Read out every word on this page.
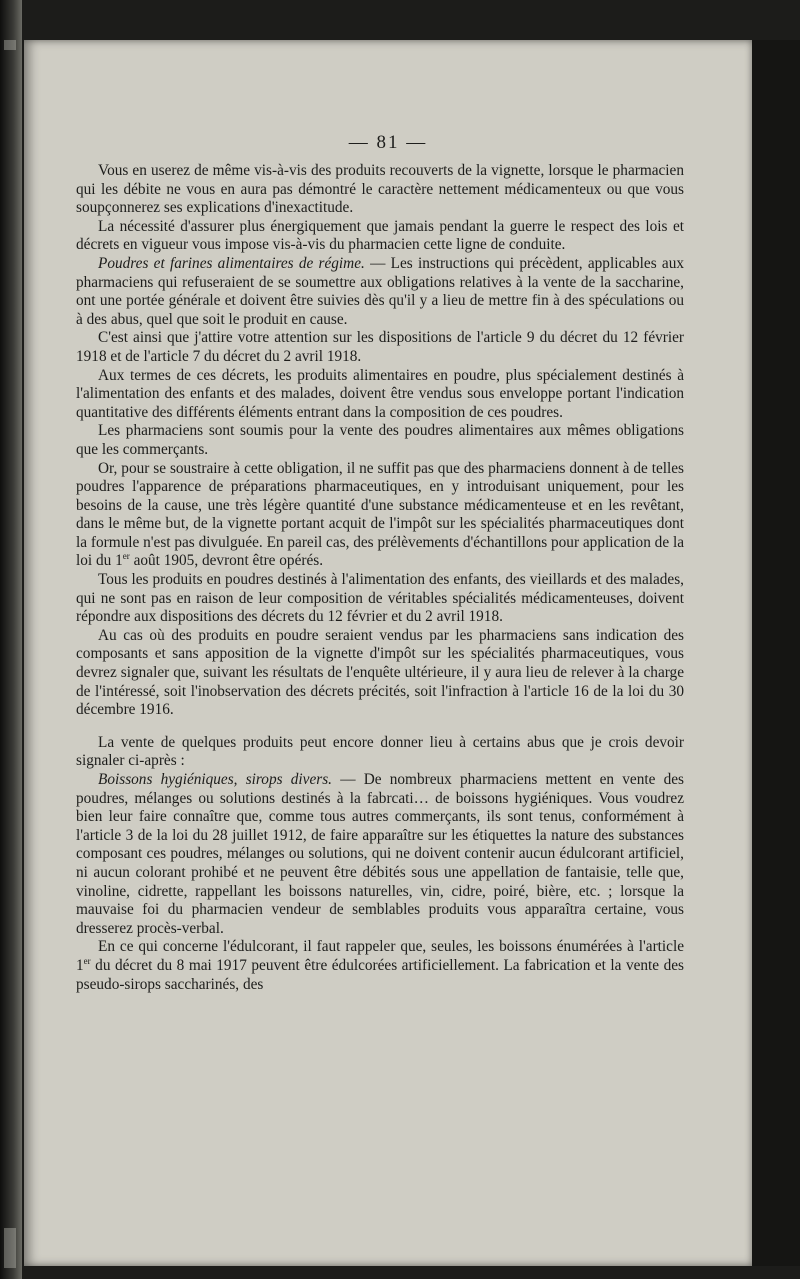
— 81 —

Vous en userez de même vis-à-vis des produits recouverts de la vignette, lorsque le pharmacien qui les débite ne vous en aura pas démontré le caractère nettement médicamenteux ou que vous soupçonnerez ses explications d'inexactitude.

La nécessité d'assurer plus énergiquement que jamais pendant la guerre le respect des lois et décrets en vigueur vous impose vis-à-vis du pharmacien cette ligne de conduite.

Poudres et farines alimentaires de régime. — Les instructions qui précèdent, applicables aux pharmaciens qui refuseraient de se soumettre aux obligations relatives à la vente de la saccharine, ont une portée générale et doivent être suivies dès qu'il y a lieu de mettre fin à des spéculations ou à des abus, quel que soit le produit en cause.

C'est ainsi que j'attire votre attention sur les dispositions de l'article 9 du décret du 12 février 1918 et de l'article 7 du décret du 2 avril 1918.

Aux termes de ces décrets, les produits alimentaires en poudre, plus spécialement destinés à l'alimentation des enfants et des malades, doivent être vendus sous enveloppe portant l'indication quantitative des différents éléments entrant dans la composition de ces poudres.

Les pharmaciens sont soumis pour la vente des poudres alimentaires aux mêmes obligations que les commerçants.

Or, pour se soustraire à cette obligation, il ne suffit pas que des pharmaciens donnent à de telles poudres l'apparence de préparations pharmaceutiques, en y introduisant uniquement, pour les besoins de la cause, une très légère quantité d'une substance médicamenteuse et en les revêtant, dans le même but, de la vignette portant acquit de l'impôt sur les spécialités pharmaceutiques dont la formule n'est pas divulguée. En pareil cas, des prélèvements d'échantillons pour application de la loi du 1er août 1905, devront être opérés.

Tous les produits en poudres destinés à l'alimentation des enfants, des vieillards et des malades, qui ne sont pas en raison de leur composition de véritables spécialités médicamenteuses, doivent répondre aux dispositions des décrets du 12 février et du 2 avril 1918.

Au cas où des produits en poudre seraient vendus par les pharmaciens sans indication des composants et sans apposition de la vignette d'impôt sur les spécialités pharmaceutiques, vous devrez signaler que, suivant les résultats de l'enquête ultérieure, il y aura lieu de relever à la charge de l'intéressé, soit l'inobservation des décrets précités, soit l'infraction à l'article 16 de la loi du 30 décembre 1916.

La vente de quelques produits peut encore donner lieu à certains abus que je crois devoir signaler ci-après :

Boissons hygiéniques, sirops divers. — De nombreux pharmaciens mettent en vente des poudres, mélanges ou solutions destinés à la fabrcati… de boissons hygiéniques. Vous voudrez bien leur faire connaître que, comme tous autres commerçants, ils sont tenus, conformément à l'article 3 de la loi du 28 juillet 1912, de faire apparaître sur les étiquettes la nature des substances composant ces poudres, mélanges ou solutions, qui ne doivent contenir aucun édulcorant artificiel, ni aucun colorant prohibé et ne peuvent être débités sous une appellation de fantaisie, telle que, vinoline, cidrette, rappellant les boissons naturelles, vin, cidre, poiré, bière, etc. ; lorsque la mauvaise foi du pharmacien vendeur de semblables produits vous apparaîtra certaine, vous dresserez procès-verbal.

En ce qui concerne l'édulcorant, il faut rappeler que, seules, les boissons énumérées à l'article 1er du décret du 8 mai 1917 peuvent être édulcorées artificiellement. La fabrication et la vente des pseudo-sirops saccharinés, des
